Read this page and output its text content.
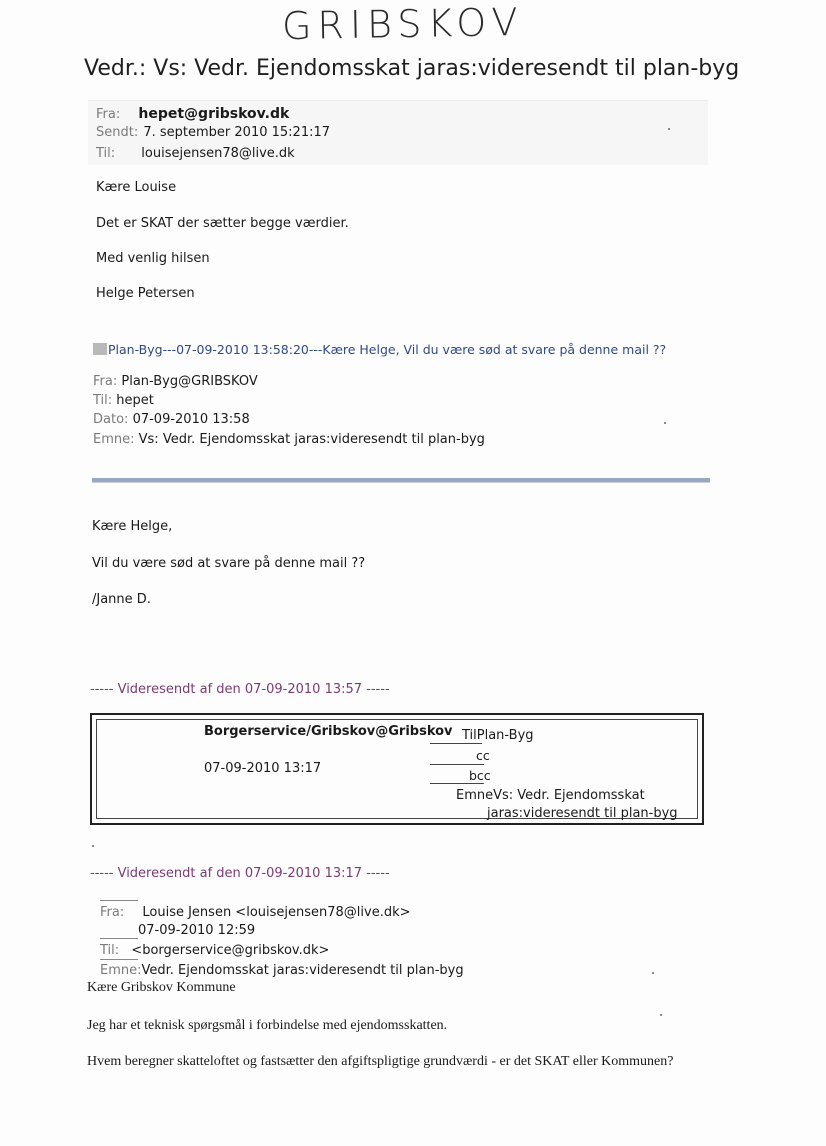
GRIBSKOV
Vedr.: Vs: Vedr. Ejendomsskat jaras:videresendt til plan-byg
Fra: hepet@gribskov.dk
Sendt: 7. september 2010 15:21:17
Til: louisejensen78@live.dk
Kære Louise
Det er SKAT der sætter begge værdier.
Med venlig hilsen
Helge Petersen
Plan-Byg---07-09-2010 13:58:20---Kære Helge, Vil du være sød at svare på denne mail ??
Fra: Plan-Byg@GRIBSKOV
Til: hepet
Dato: 07-09-2010 13:58
Emne: Vs: Vedr. Ejendomsskat jaras:videresendt til plan-byg
Kære Helge,
Vil du være sød at svare på denne mail ??
/Janne D.
----- Videresendt af den 07-09-2010 13:57 -----
Borgerservice/Gribskov@Gribskov
07-09-2010 13:17
TilPlan-Byg
cc
bcc
EmneVs: Vedr. Ejendomsskat
jaras:videresendt til plan-byg
----- Videresendt af den 07-09-2010 13:17 -----
Fra: Louise Jensen <louisejensen78@live.dk>
07-09-2010 12:59
Til: <borgerservice@gribskov.dk>
Emne:Vedr. Ejendomsskat jaras:videresendt til plan-byg
Kære Gribskov Kommune
Jeg har et teknisk spørgsmål i forbindelse med ejendomsskatten.
Hvem beregner skatteloftet og fastsætter den afgiftspligtige grundværdi - er det SKAT eller Kommunen?
